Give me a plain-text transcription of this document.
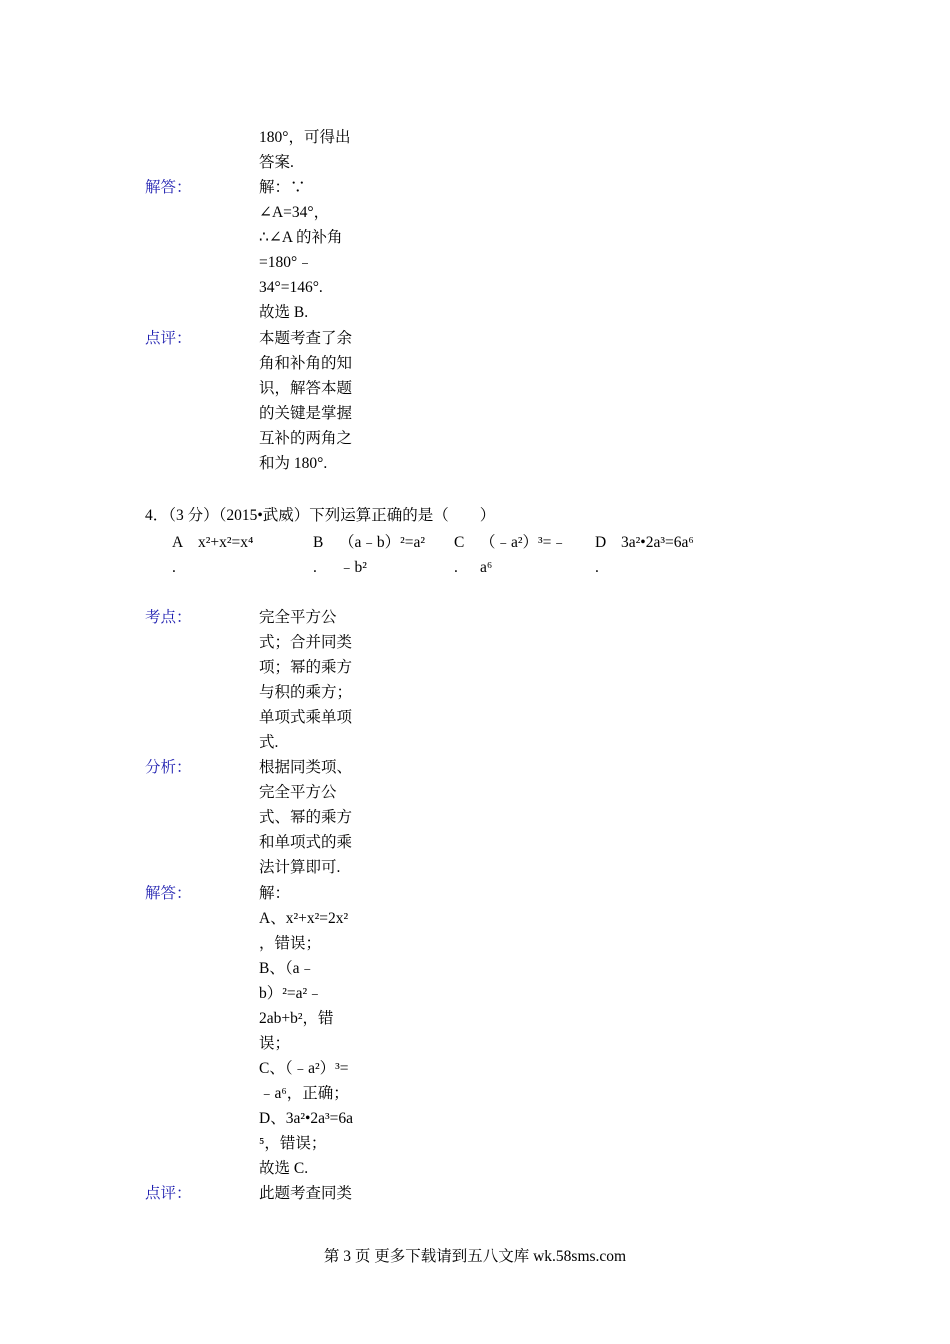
180°，可得出
答案.
解答：	解：∵
∠A=34°，
∴∠A 的补角
=180°﹣
34°=146°.
故选 B.
点评：	本题考查了余
角和补角的知
识，解答本题
的关键是掌握
互补的两角之
和为 180°.
4．（3 分）（2015•武威）下列运算正确的是（　　）
A
.
x²+x²=x⁴	B
.
（a﹣b）²=a²
﹣b²
C
.
（﹣a²）³=﹣
a⁶
D
.
3a²•2a³=6a⁶
考点：	完全平方公
式；合并同类
项；幂的乘方
与积的乘方；
单项式乘单项
式.
分析：	根据同类项、
完全平方公
式、幂的乘方
和单项式的乘
法计算即可.
解答：	解：
A、x²+x²=2x²
，错误；
B、（a﹣
b）²=a²﹣
2ab+b²，错
误；
C、（﹣a²）³=
﹣a⁶，正确；
D、3a²•2a³=6a
⁵，错误；
故选 C.
点评：	此题考查同类
第 3 页 更多下载请到五八文库 wk.58sms.com
